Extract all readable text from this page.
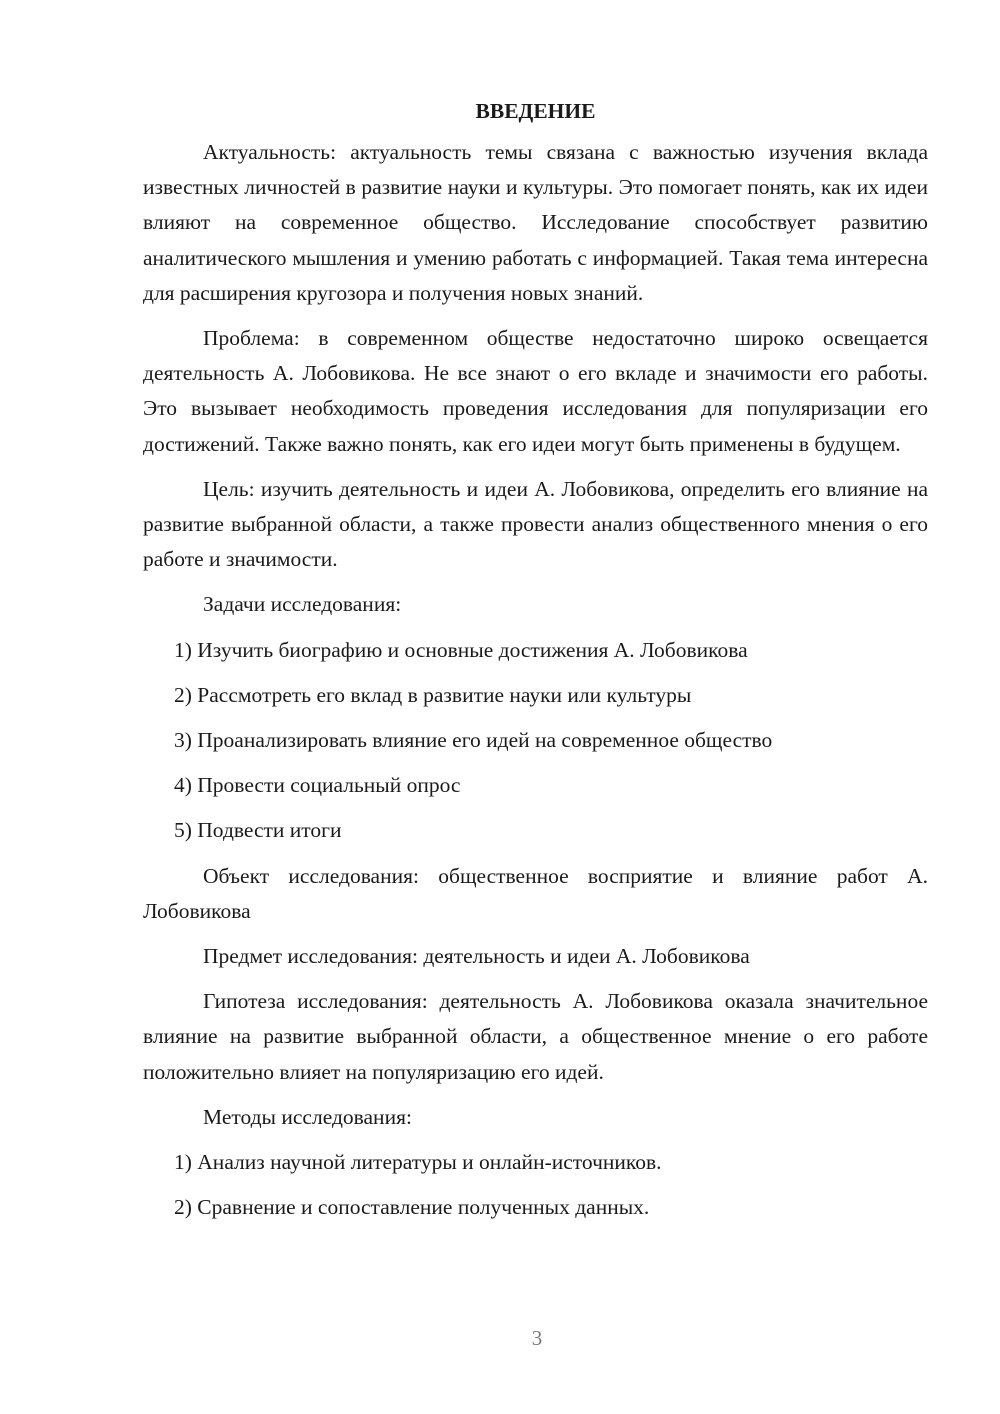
ВВЕДЕНИЕ

Актуальность: актуальность темы связана с важностью изучения вклада известных личностей в развитие науки и культуры. Это помогает понять, как их идеи влияют на современное общество. Исследование способствует развитию аналитического мышления и умению работать с информацией. Такая тема интересна для расширения кругозора и получения новых знаний.

Проблема: в современном обществе недостаточно широко освещается деятельность А. Лобовикова. Не все знают о его вкладе и значимости его работы. Это вызывает необходимость проведения исследования для популяризации его достижений. Также важно понять, как его идеи могут быть применены в будущем.

Цель: изучить деятельность и идеи А. Лобовикова, определить его влияние на развитие выбранной области, а также провести анализ общественного мнения о его работе и значимости.

Задачи исследования:

1) Изучить биографию и основные достижения А. Лобовикова

2) Рассмотреть его вклад в развитие науки или культуры

3) Проанализировать влияние его идей на современное общество

4) Провести социальный опрос

5) Подвести итоги

Объект исследования: общественное восприятие и влияние работ А. Лобовикова

Предмет исследования: деятельность и идеи А. Лобовикова

Гипотеза исследования: деятельность А. Лобовикова оказала значительное влияние на развитие выбранной области, а общественное мнение о его работе положительно влияет на популяризацию его идей.

Методы исследования:

1) Анализ научной литературы и онлайн-источников.

2) Сравнение и сопоставление полученных данных.

3
